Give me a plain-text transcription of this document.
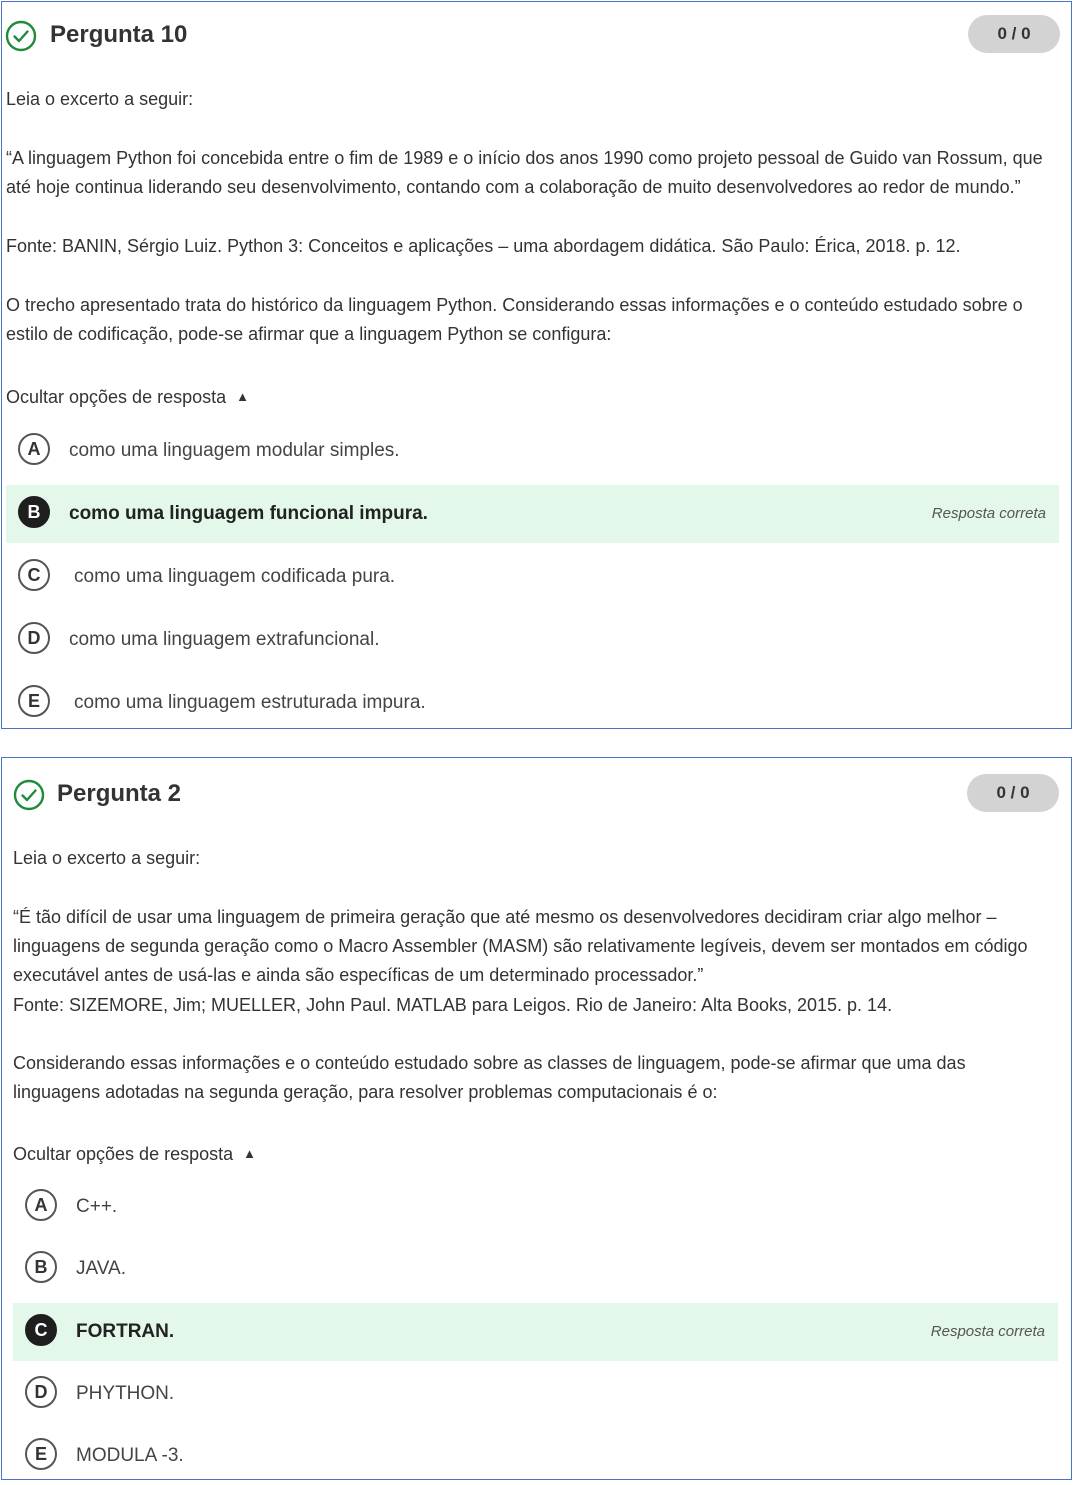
Pergunta 10	0 / 0

Leia o excerto a seguir:

“A linguagem Python foi concebida entre o fim de 1989 e o início dos anos 1990 como projeto pessoal de Guido van Rossum, que até hoje continua liderando seu desenvolvimento, contando com a colaboração de muito desenvolvedores ao redor de mundo.”

Fonte: BANIN, Sérgio Luiz. Python 3: Conceitos e aplicações – uma abordagem didática. São Paulo: Érica, 2018. p. 12.

O trecho apresentado trata do histórico da linguagem Python. Considerando essas informações e o conteúdo estudado sobre o estilo de codificação, pode-se afirmar que a linguagem Python se configura:

Ocultar opções de resposta ▲
A	como uma linguagem modular simples.
B	como uma linguagem funcional impura.	Resposta correta
C	como uma linguagem codificada pura.
D	como uma linguagem extrafuncional.
E	como uma linguagem estruturada impura.
Pergunta 2	0 / 0

Leia o excerto a seguir:

“É tão difícil de usar uma linguagem de primeira geração que até mesmo os desenvolvedores decidiram criar algo melhor – linguagens de segunda geração como o Macro Assembler (MASM) são relativamente legíveis, devem ser montados em código executável antes de usá-las e ainda são específicas de um determinado processador.”

Fonte: SIZEMORE, Jim; MUELLER, John Paul. MATLAB para Leigos. Rio de Janeiro: Alta Books, 2015. p. 14.

Considerando essas informações e o conteúdo estudado sobre as classes de linguagem, pode-se afirmar que uma das linguagens adotadas na segunda geração, para resolver problemas computacionais é o:

Ocultar opções de resposta ▲
A	C++.
B	JAVA.
C	FORTRAN.	Resposta correta
D	PHYTHON.
E	MODULA -3.
